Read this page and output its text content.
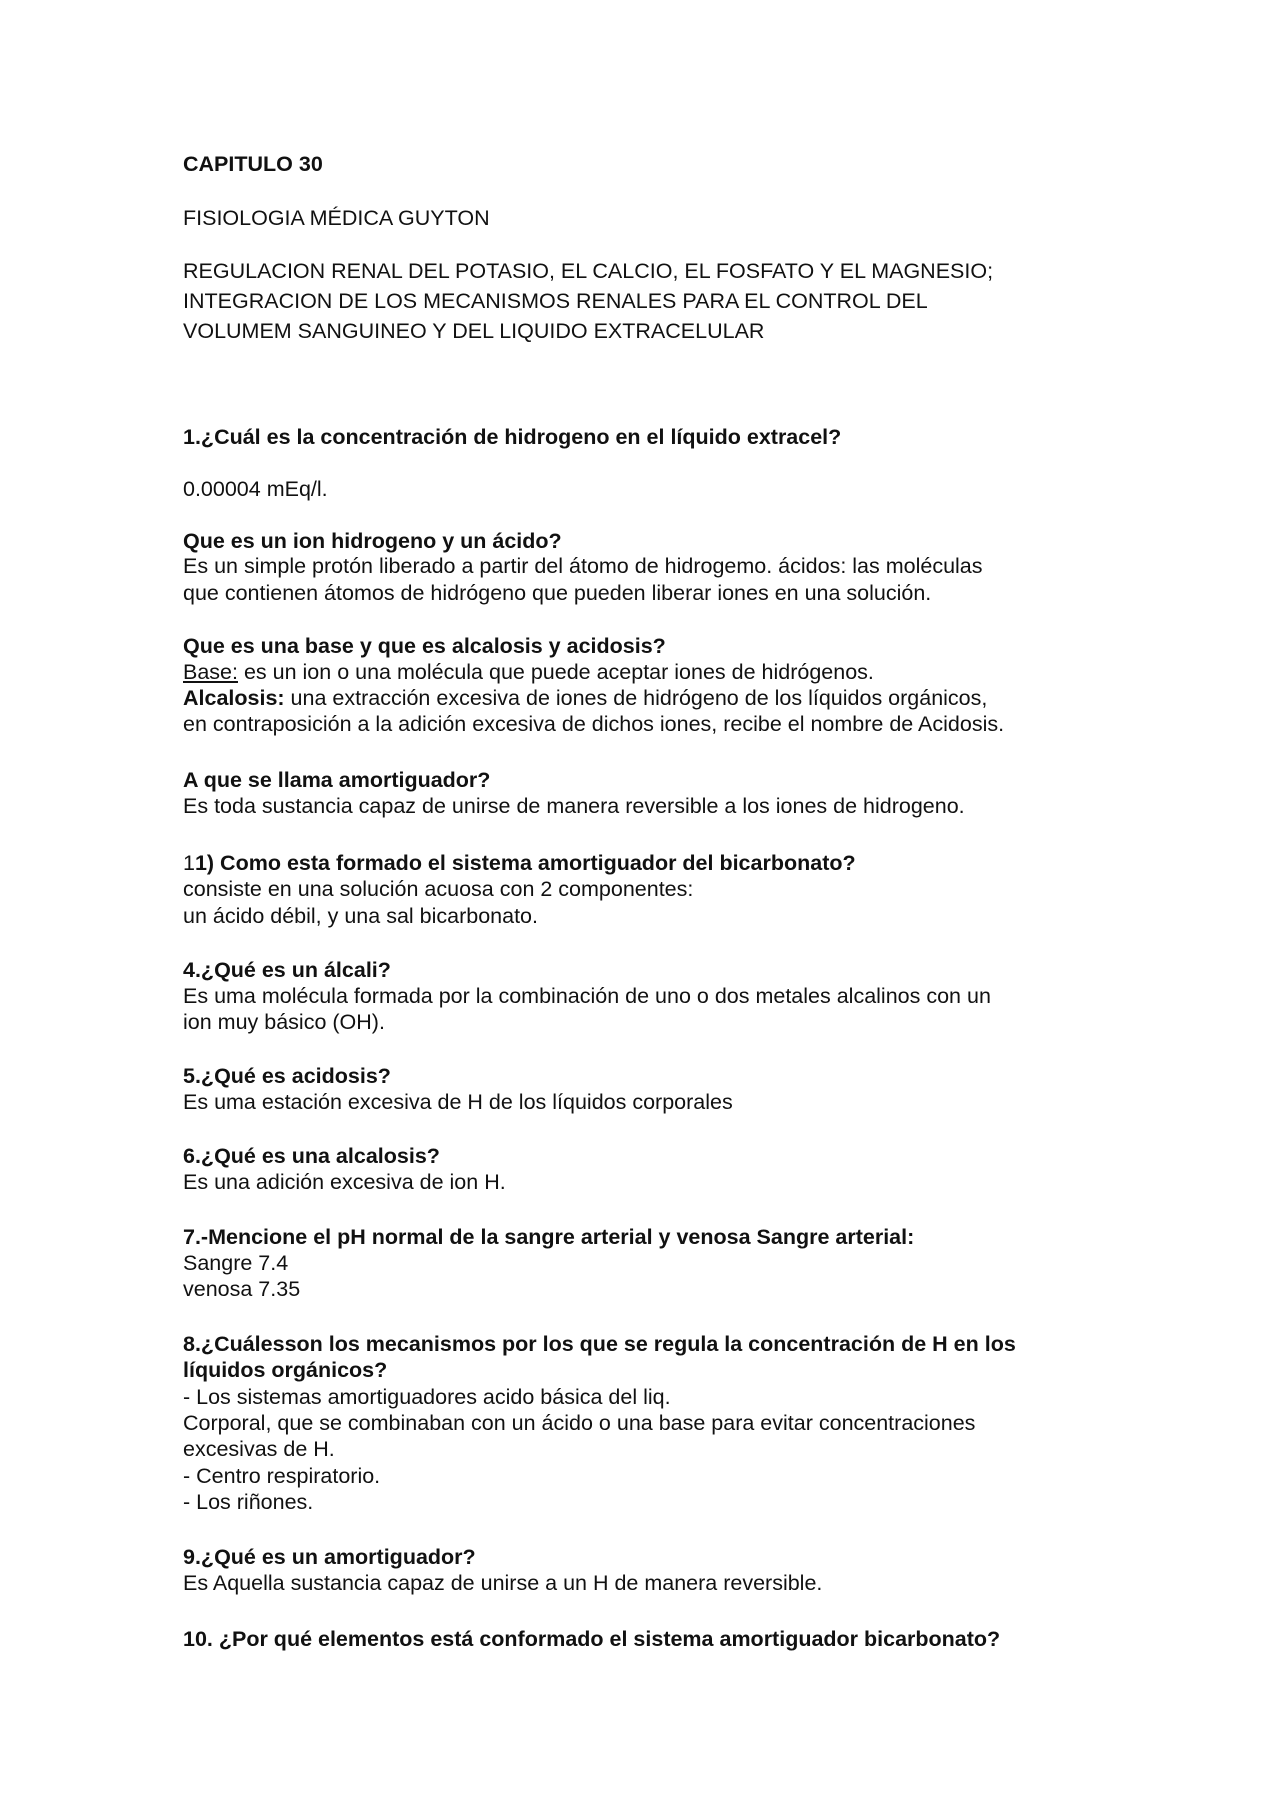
CAPITULO 30

FISIOLOGIA MÉDICA GUYTON

REGULACION RENAL DEL POTASIO, EL CALCIO, EL FOSFATO Y EL MAGNESIO;

INTEGRACION DE LOS MECANISMOS RENALES PARA EL CONTROL DEL

VOLUMEM SANGUINEO Y DEL LIQUIDO EXTRACELULAR

1.¿Cuál es la concentración de hidrogeno en el líquido extracel?

0.00004 mEq/l.

Que es un ion hidrogeno y un ácido?

Es un simple protón liberado a partir del átomo de hidrogemo. ácidos: las moléculas

que contienen átomos de hidrógeno que pueden liberar iones en una solución.

Que es una base y que es alcalosis y acidosis?

Base: es un ion o una molécula que puede aceptar iones de hidrógenos.

Alcalosis: una extracción excesiva de iones de hidrógeno de los líquidos orgánicos,

en contraposición a la adición excesiva de dichos iones, recibe el nombre de Acidosis.

A que se llama amortiguador?

Es toda sustancia capaz de unirse de manera reversible a los iones de hidrogeno.

11) Como esta formado el sistema amortiguador del bicarbonato?

consiste en una solución acuosa con 2 componentes:

un ácido débil, y una sal bicarbonato.

4.¿Qué es un álcali?

Es uma molécula formada por la combinación de uno o dos metales alcalinos con un

ion muy básico (OH).

5.¿Qué es acidosis?

Es uma estación excesiva de H de los líquidos corporales

6.¿Qué es una alcalosis?

Es una adición excesiva de ion H.

7.-Mencione el pH normal de la sangre arterial y venosa Sangre arterial:

Sangre 7.4

venosa 7.35

8.¿Cuálesson los mecanismos por los que se regula la concentración de H en los

líquidos orgánicos?

- Los sistemas amortiguadores acido básica del liq.

Corporal, que se combinaban con un ácido o una base para evitar concentraciones

excesivas de H.

- Centro respiratorio.

- Los riñones.

9.¿Qué es un amortiguador?

Es Aquella sustancia capaz de unirse a un H de manera reversible.

10. ¿Por qué elementos está conformado el sistema amortiguador bicarbonato?
